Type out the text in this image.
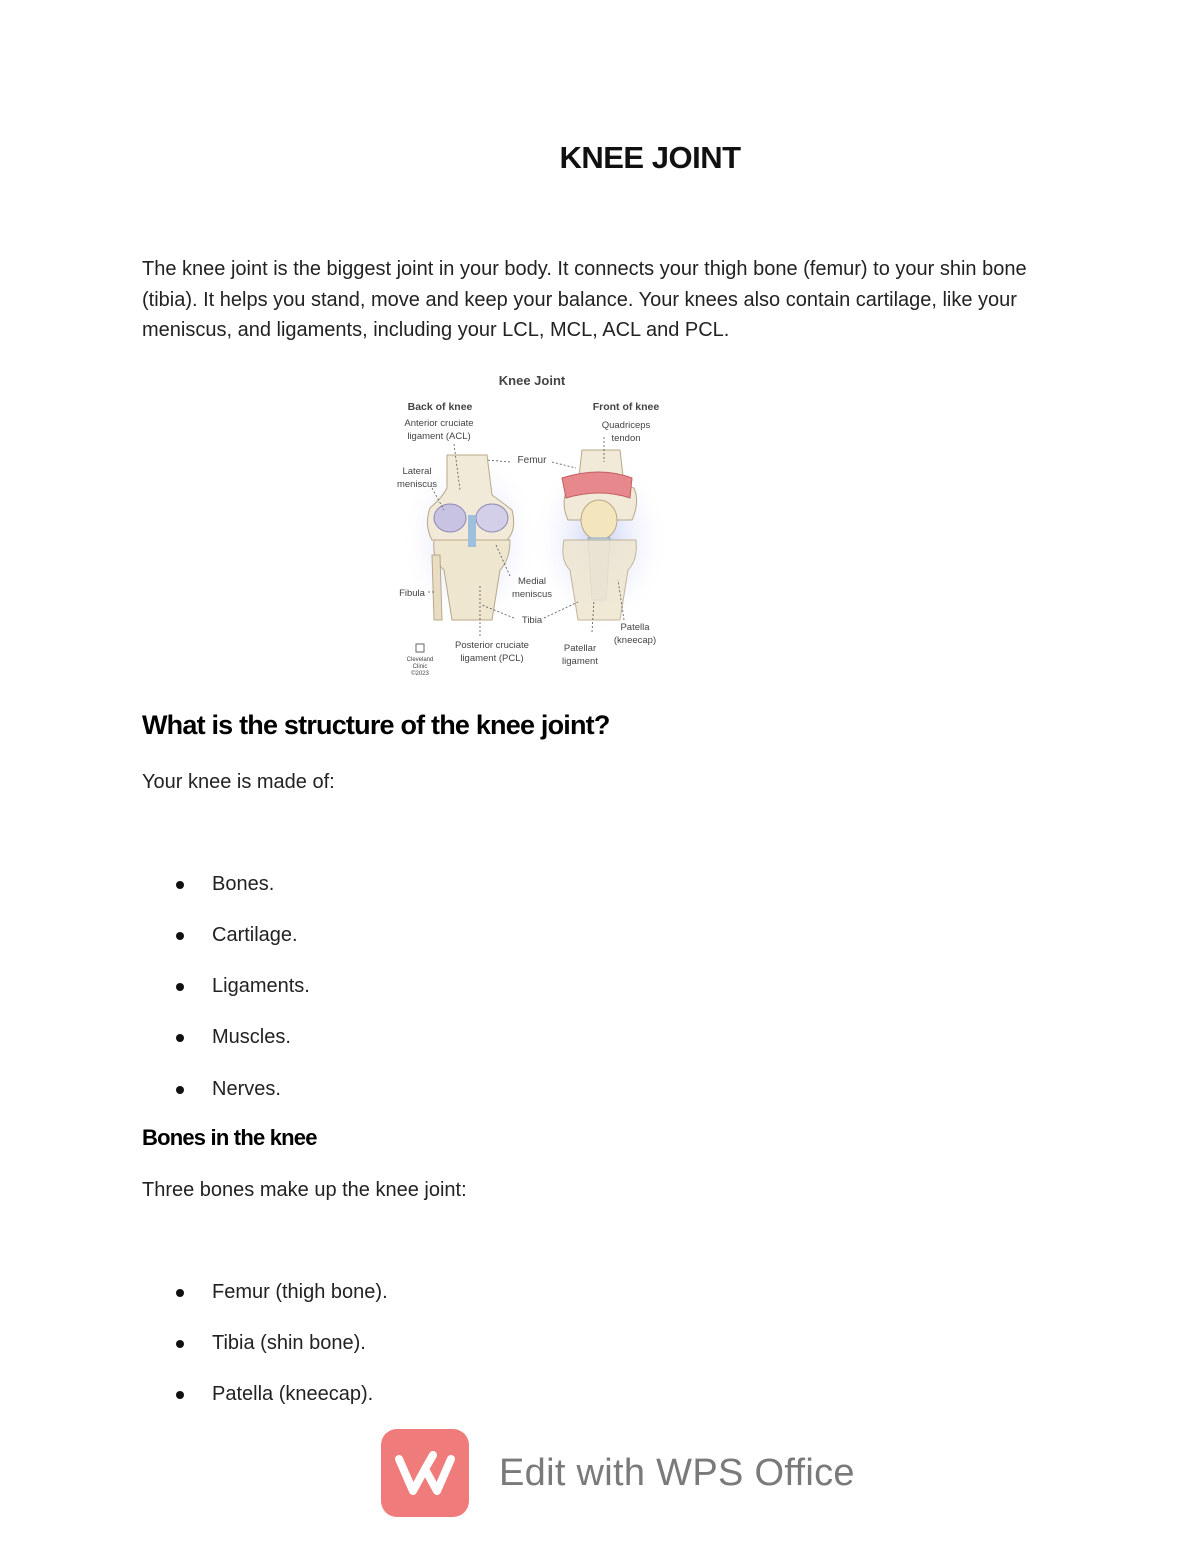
KNEE JOINT
The knee joint is the biggest joint in your body. It connects your thigh bone (femur) to your shin bone (tibia). It helps you stand, move and keep your balance. Your knees also contain cartilage, like your meniscus, and ligaments, including your LCL, MCL, ACL and PCL.
Knee Joint
Back of knee	Front of knee
Anterior cruciate
ligament (ACL)
Quadriceps
tendon
Femur
Lateral
meniscus
Fibula
Medial
meniscus
Tibia
Patella
(kneecap)
Posterior cruciate
ligament (PCL)
Patellar
ligament
Cleveland
Clinic
©2023
What is the structure of the knee joint?
Your knee is made of:
Bones.
Cartilage.
Ligaments.
Muscles.
Nerves.
Bones in the knee
Three bones make up the knee joint:
Femur (thigh bone).
Tibia (shin bone).
Patella (kneecap).
Edit with WPS Office
